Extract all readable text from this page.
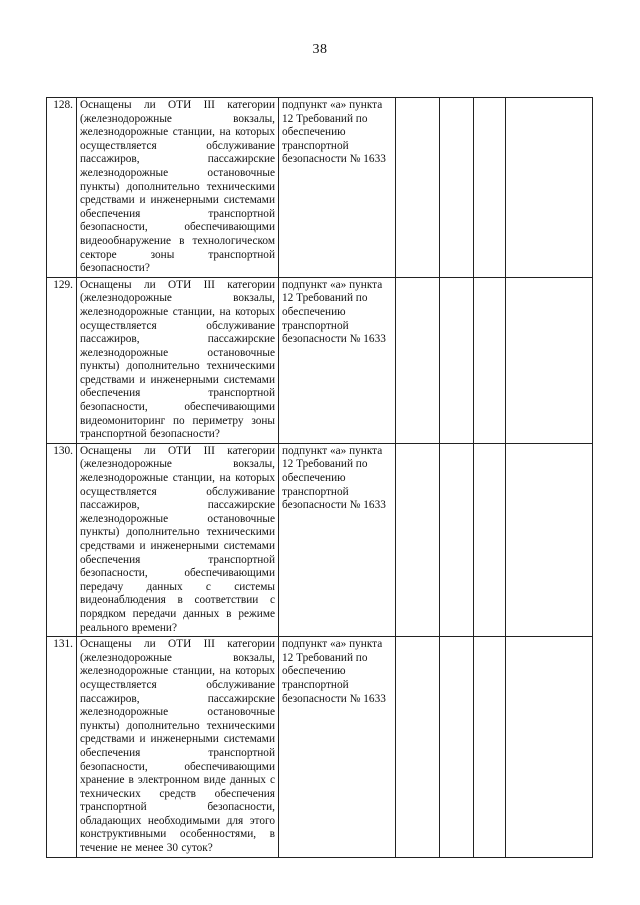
38
128.	Оснащены ли ОТИ III категории (железнодорожные вокзалы, железнодорожные станции, на которых осуществляется обслуживание пассажиров, пассажирские железнодорожные остановочные пункты) дополнительно техническими средствами и инженерными системами обеспечения транспортной безопасности, обеспечивающими видеообнаружение в технологическом секторе зоны транспортной безопасности?	подпункт «а» пункта 12 Требований по обеспечению транспортной безопасности № 1633				
129.	Оснащены ли ОТИ III категории (железнодорожные вокзалы, железнодорожные станции, на которых осуществляется обслуживание пассажиров, пассажирские железнодорожные остановочные пункты) дополнительно техническими средствами и инженерными системами обеспечения транспортной безопасности, обеспечивающими видеомониторинг по периметру зоны транспортной безопасности?	подпункт «а» пункта 12 Требований по обеспечению транспортной безопасности № 1633				
130.	Оснащены ли ОТИ III категории (железнодорожные вокзалы, железнодорожные станции, на которых осуществляется обслуживание пассажиров, пассажирские железнодорожные остановочные пункты) дополнительно техническими средствами и инженерными системами обеспечения транспортной безопасности, обеспечивающими передачу данных с системы видеонаблюдения в соответствии с порядком передачи данных в режиме реального времени?	подпункт «а» пункта 12 Требований по обеспечению транспортной безопасности № 1633				
131.	Оснащены ли ОТИ III категории (железнодорожные вокзалы, железнодорожные станции, на которых осуществляется обслуживание пассажиров, пассажирские железнодорожные остановочные пункты) дополнительно техническими средствами и инженерными системами обеспечения транспортной безопасности, обеспечивающими хранение в электронном виде данных с технических средств обеспечения транспортной безопасности, обладающих необходимыми для этого конструктивными особенностями, в течение не менее 30 суток?	подпункт «а» пункта 12 Требований по обеспечению транспортной безопасности № 1633				
